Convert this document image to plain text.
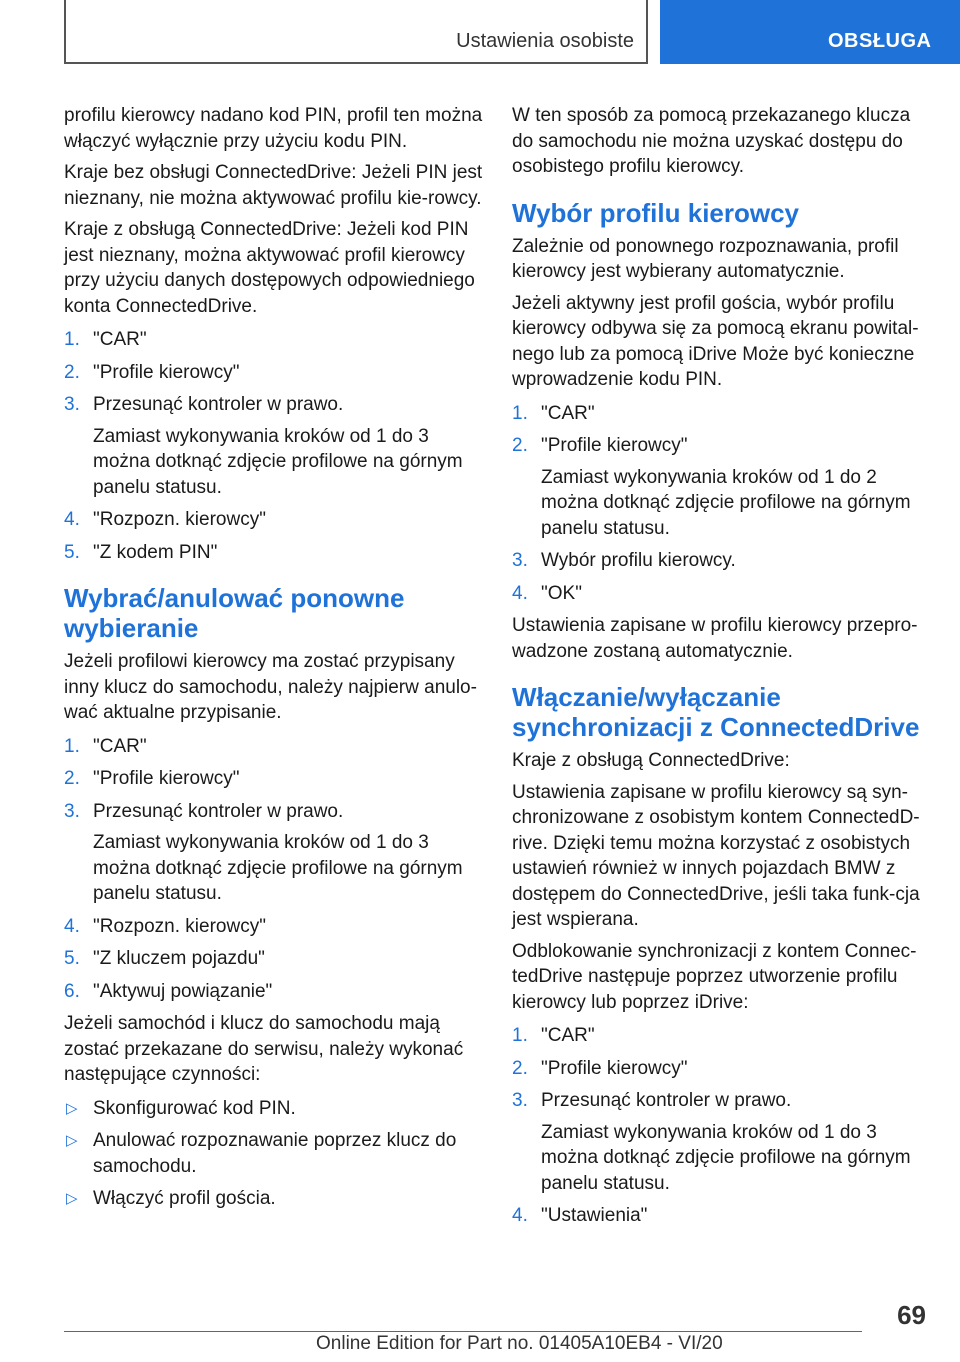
Ustawienia osobiste	OBSŁUGA

profilu kierowcy nadano kod PIN, profil ten można włączyć wyłącznie przy użyciu kodu PIN.

Kraje bez obsługi ConnectedDrive: Jeżeli PIN jest nieznany, nie można aktywować profilu kie-rowcy.

Kraje z obsługą ConnectedDrive: Jeżeli kod PIN jest nieznany, można aktywować profil kierowcy przy użyciu danych dostępowych odpowiedniego konta ConnectedDrive.

1. "CAR"
2. "Profile kierowcy"
3. Przesunąć kontroler w prawo.
Zamiast wykonywania kroków od 1 do 3 można dotknąć zdjęcie profilowe na górnym panelu statusu.
4. "Rozpozn. kierowcy"
5. "Z kodem PIN"
Wybrać/anulować ponowne wybieranie

Jeżeli profilowi kierowcy ma zostać przypisany inny klucz do samochodu, należy najpierw anulo-wać aktualne przypisanie.

1. "CAR"
2. "Profile kierowcy"
3. Przesunąć kontroler w prawo.
Zamiast wykonywania kroków od 1 do 3 można dotknąć zdjęcie profilowe na górnym panelu statusu.
4. "Rozpozn. kierowcy"
5. "Z kluczem pojazdu"
6. "Aktywuj powiązanie"

Jeżeli samochód i klucz do samochodu mają zostać przekazane do serwisu, należy wykonać następujące czynności:

▷ Skonfigurować kod PIN.
▷ Anulować rozpoznawanie poprzez klucz do samochodu.
▷ Włączyć profil gościa.

W ten sposób za pomocą przekazanego klucza do samochodu nie można uzyskać dostępu do osobistego profilu kierowcy.

Wybór profilu kierowcy

Zależnie od ponownego rozpoznawania, profil kierowcy jest wybierany automatycznie.

Jeżeli aktywny jest profil gościa, wybór profilu kierowcy odbywa się za pomocą ekranu powital-nego lub za pomocą iDrive Może być konieczne wprowadzenie kodu PIN.

1. "CAR"
2. "Profile kierowcy"
Zamiast wykonywania kroków od 1 do 2 można dotknąć zdjęcie profilowe na górnym panelu statusu.
3. Wybór profilu kierowcy.
4. "OK"

Ustawienia zapisane w profilu kierowcy przepro-wadzone zostaną automatycznie.

Włączanie/wyłączanie synchronizacji z ConnectedDrive

Kraje z obsługą ConnectedDrive:

Ustawienia zapisane w profilu kierowcy są syn-chronizowane z osobistym kontem ConnectedD-rive. Dzięki temu można korzystać z osobistych ustawień również w innych pojazdach BMW z dostępem do ConnectedDrive, jeśli taka funk-cja jest wspierana.

Odblokowanie synchronizacji z kontem Connec-tedDrive następuje poprzez utworzenie profilu kierowcy lub poprzez iDrive:

1. "CAR"
2. "Profile kierowcy"
3. Przesunąć kontroler w prawo.
Zamiast wykonywania kroków od 1 do 3 można dotknąć zdjęcie profilowe na górnym panelu statusu.
4. "Ustawienia"
69
Online Edition for Part no. 01405A10EB4 - VI/20
